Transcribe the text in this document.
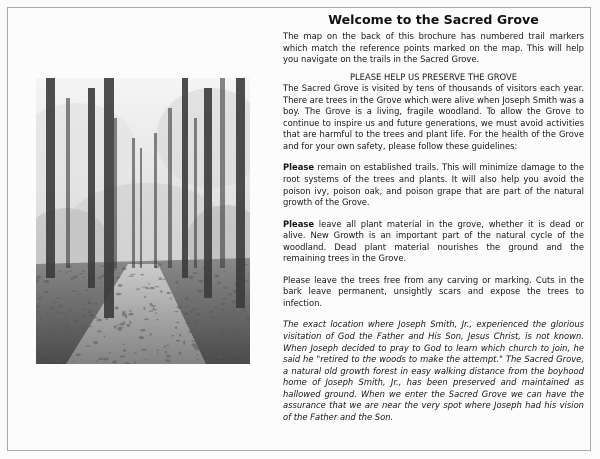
Welcome to the Sacred Grove

The map on the back of this brochure has numbered trail markers which match the reference points marked on the map. This will help you navigate on the trails in the Sacred Grove.

PLEASE HELP US PRESERVE THE GROVE

The Sacred Grove is visited by tens of thousands of visitors each year. There are trees in the Grove which were alive when Joseph Smith was a boy. The Grove is a living, fragile woodland. To allow the Grove to continue to inspire us and future generations, we must avoid activities that are harmful to the trees and plant life. For the health of the Grove and for your own safety, please follow these guidelines:

Please remain on established trails. This will minimize damage to the root systems of the trees and plants. It will also help you avoid the poison ivy, poison oak, and poison grape that are part of the natural growth of the Grove.

Please leave all plant material in the grove, whether it is dead or alive. New Growth is an important part of the natural cycle of the woodland. Dead plant material nourishes the ground and the remaining trees in the Grove.

Please leave the trees free from any carving or marking. Cuts in the bark leave permanent, unsightly scars and expose the trees to infection.

The exact location where Joseph Smith, Jr., experienced the glorious visitation of God the Father and His Son, Jesus Christ, is not known. When Joseph decided to pray to God to learn which church to join, he said he "retired to the woods to make the attempt." The Sacred Grove, a natural old growth forest in easy walking distance from the boyhood home of Joseph Smith, Jr., has been preserved and maintained as hallowed ground. When we enter the Sacred Grove we can have the assurance that we are near the very spot where Joseph had his vision of the Father and the Son.
